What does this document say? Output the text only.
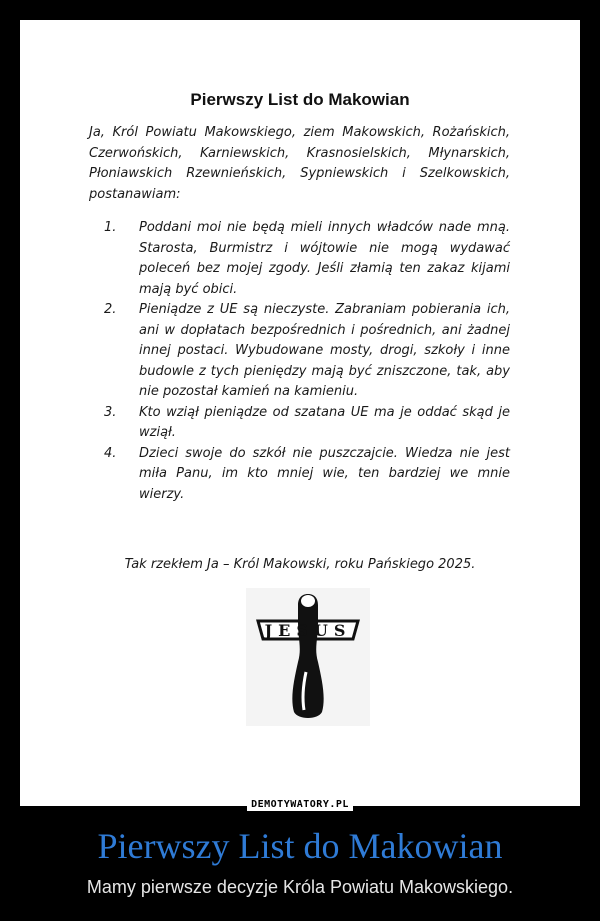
Pierwszy List do Makowian
Ja, Król Powiatu Makowskiego, ziem Makowskich, Rożańskich, Czerwońskich, Karniewskich, Krasnosielskich, Młynarskich, Płoniawskich Rzewnieńskich, Sypniewskich i Szelkowskich, postanawiam:
1. Poddani moi nie będą mieli innych władców nade mną. Starosta, Burmistrz i wójtowie nie mogą wydawać poleceń bez mojej zgody. Jeśli złamią ten zakaz kijami mają być obici.
2. Pieniądze z UE są nieczyste. Zabraniam pobierania ich, ani w dopłatach bezpośrednich i pośrednich, ani żadnej innej postaci. Wybudowane mosty, drogi, szkoły i inne budowle z tych pieniędzy mają być zniszczone, tak, aby nie pozostał kamień na kamieniu.
3. Kto wziął pieniądze od szatana UE ma je oddać skąd je wziął.
4. Dzieci swoje do szkół nie puszczajcie. Wiedza nie jest miła Panu, im kto mniej wie, ten bardziej we mnie wierzy.
Tak rzekłem Ja – Król Makowski, roku Pańskiego 2025.
JESUS
DEMOTYWATORY.PL
Pierwszy List do Makowian
Mamy pierwsze decyzje Króla Powiatu Makowskiego.
